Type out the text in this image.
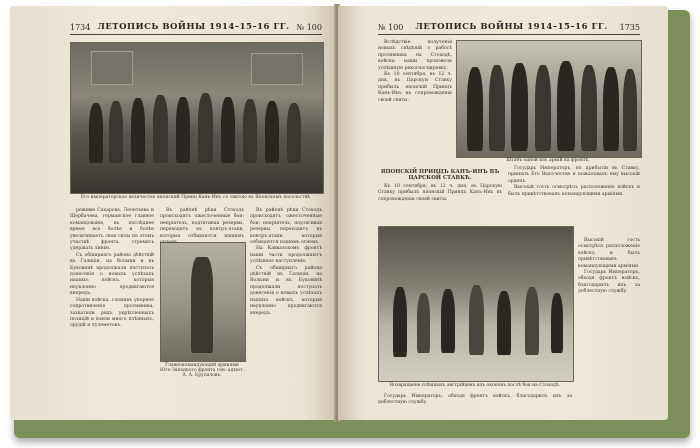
1734 ЛЕТОПИСЬ ВОЙНЫ 1914–15–16 ГГ. № 100
Его императорское величество японский Принц Канъ-Инъ со свитою въ Японскомъ посольствѣ.

режиме Сахарова, Леонтьева и Щербачева, германское главное командованіе, въ послѣднее время все болѣе и болѣе увеличиваетъ свои силы на этомъ участкѣ фронта, стремясь удержать линію.

Съ обширнаго района дѣйствій въ Галиціи, на Волыни и въ Буковинѣ продолжали поступать донесенія о новыхъ успѣхахъ нашихъ войскъ, которыя неуклонно продвигаются впередъ.

Наши войска, сломивъ упорное сопротивленіе противника, захватили рядъ укрѣпленныхъ позицій и взяли много плѣнныхъ, орудій и пулеметовъ.

Главнокомандующий армиями Юго-Западного фронта ген.-адъют. А. А. Брусиловъ.

Въ районѣ рѣки Стоходъ происходятъ ожесточенные бои; непріятель, подтягивая резервы, переходитъ въ контръ-атаки, которыя отбиваются нашимъ огнемъ.

Въ районѣ рѣки Стоходъ происходятъ ожесточенные бои; непріятель, подтягивая резервы, переходитъ въ контръ-атаки, которыя отбиваются нашимъ огнемъ.

На Кавказскомъ фронтѣ наши части продолжаютъ успѣшное наступленіе.

Съ обширнаго района дѣйствій въ Галиціи, на Волыни и въ Буковинѣ продолжали поступать донесенія о новыхъ успѣхахъ нашихъ войскъ, которыя неуклонно продвигаются впередъ.

№ 100 ЛЕТОПИСЬ ВОЙНЫ 1914–15–16 ГГ. 1735

Вслѣдствіе полученія новыхъ свѣдѣній о работѣ противника на Стоходѣ, войска наши произвели успѣшную рекогносцировку.

Къ 10 сентября, въ 12 ч. дня, въ Царскую Ставку прибылъ японскій Принцъ Канъ-Инъ въ сопровожденіи своей свиты.

Штабъ одной изъ армій на фронтѣ.

ЯПОНСКІЙ ПРИНЦЪ КАНЪ-ИНЪ ВЪ ЦАРСКОЙ СТАВКѢ.

Къ 10 сентября, въ 12 ч. дня, въ Царскую Ставку прибылъ японскій Принцъ Канъ-Инъ въ сопровожденіи своей свиты.

Государь Императоръ, по прибытіи въ Ставку, принялъ Его Высочество и пожаловалъ ему высокій орденъ.

Высокій гость осмотрѣлъ расположеніе войскъ и былъ привѣтствованъ командующими арміями.

Возвращеніе плѣнныхъ австрійцевъ изъ окоповъ послѣ боя на Стоходѣ.

Высокій гость осмотрѣлъ расположеніе войскъ и былъ привѣтствованъ командующими арміями.

Государь Императоръ, обходя фронтъ войскъ, благодарилъ ихъ за доблестную службу.

Государь Императоръ, обходя фронтъ войскъ, благодарилъ ихъ за доблестную службу.
